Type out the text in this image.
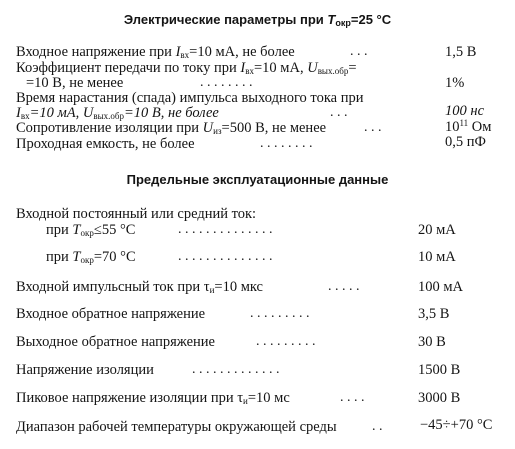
Электрические параметры при $T_{окр}=25$ °C
Входное напряжение при $I_{вх}=10$ мА, не более	. . .	1,5 В
Коэффициент передачи по току при $I_{вх}=10$ мА, $U_{вых.обр}=$
=10 В, не менее	. . . . . . . .	1%
Время нарастания (спада) импульса выходного тока при
$I_{вх}=10$ мА, $U_{вых.обр}=10$ В, не более	. . .	100 нс
Сопротивление изоляции при $U_{из}=500$ В, не менее	. . .	$10^{11}$ Ом
Проходная емкость, не более	. . . . . . . .	0,5 пФ
Предельные эксплуатационные данные
Входной постоянный или средний ток:
при $T_{окр}\le 55$ °С	. . . . . . . . . . . . . .	20 мА
при $T_{окр}=70$ °С	. . . . . . . . . . . . . .	10 мА
Входной импульсный ток при $\tau_и=10$ мкс	. . . . .	100 мА
Входное обратное напряжение	. . . . . . . . .	3,5 В
Выходное обратное напряжение	. . . . . . . . .	30 В
Напряжение изоляции	. . . . . . . . . . . . .	1500 В
Пиковое напряжение изоляции при $\tau_и=10$ мс	. . . .	3000 В
Диапазон рабочей температуры окружающей среды	. .	−45÷+70 °С
